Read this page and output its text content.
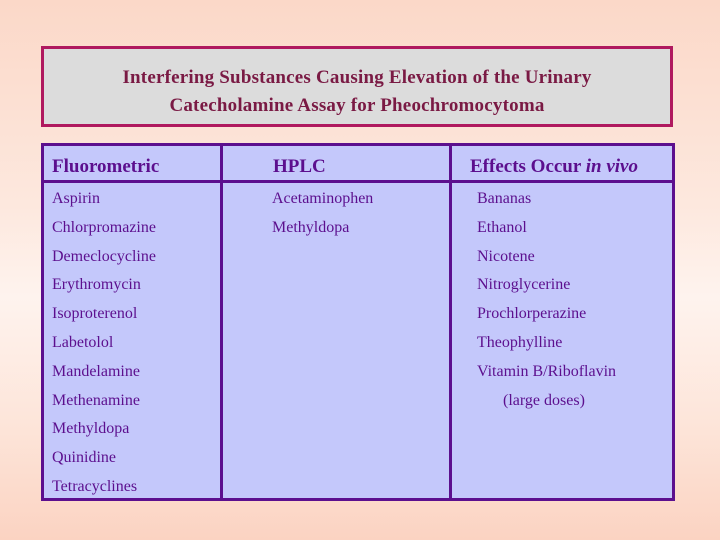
Interfering Substances Causing Elevation of the Urinary
Catecholamine Assay for Pheochromocytoma
Fluorometric	HPLC	Effects Occur in vivo
Aspirin
Chlorpromazine
Demeclocycline
Erythromycin
Isoproterenol
Labetolol
Mandelamine
Methenamine
Methyldopa
Quinidine
Tetracyclines
Acetaminophen
Methyldopa
Bananas
Ethanol
Nicotene
Nitroglycerine
Prochlorperazine
Theophylline
Vitamin B/Riboflavin
(large doses)
